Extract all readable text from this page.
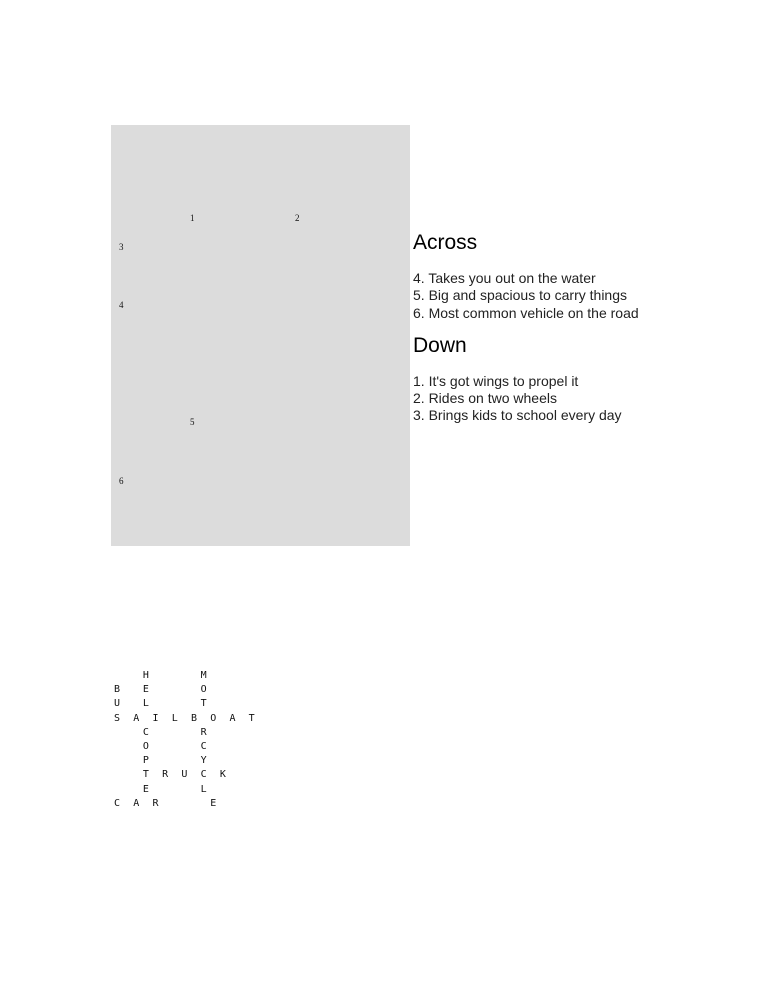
1	2
3
4
5
6
Across
4. Takes you out on the water
5. Big and spacious to carry things
6. Most common vehicle on the road
Down
1. It's got wings to propel it
2. Rides on two wheels
3. Brings kids to school every day
H     M
B  E     O
U  L     T
S A I L B O A T
C     R
O     C
P     Y
T R U C K
E     L
C A R     E
